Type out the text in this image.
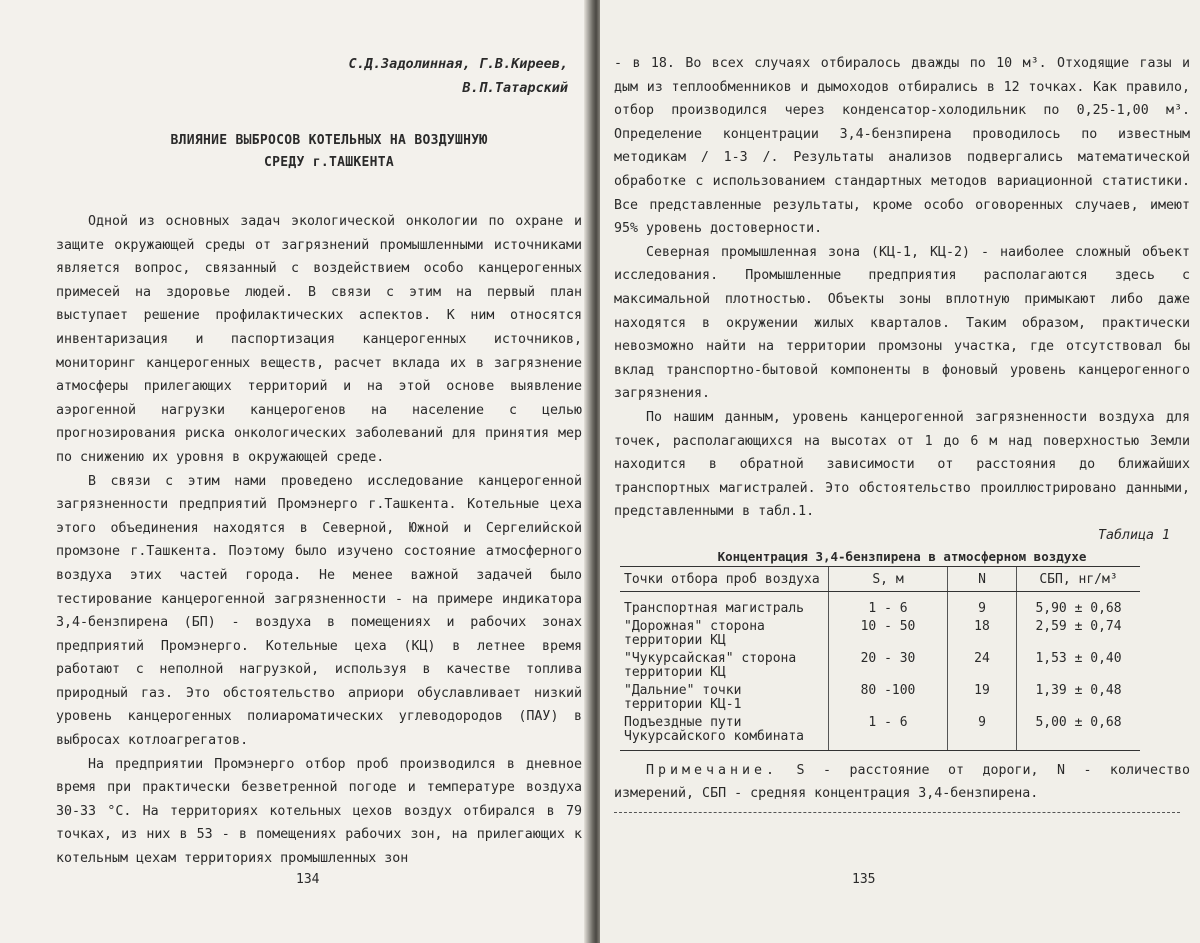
С.Д.Задолинная, Г.В.Киреев,
В.П.Татарский
ВЛИЯНИЕ ВЫБРОСОВ КОТЕЛЬНЫХ НА ВОЗДУШНУЮ
СРЕДУ г.ТАШКЕНТА

Одной из основных задач экологической онкологии по охране и защите окружающей среды от загрязнений промышленными источниками является вопрос, связанный с воздействием особо канцерогенных примесей на здоровье людей. В связи с этим на первый план выступает решение профилактических аспектов. К ним относятся инвентаризация и паспортизация канцерогенных источников, мониторинг канцерогенных веществ, расчет вклада их в загрязнение атмосферы прилегающих территорий и на этой основе выявление аэрогенной нагрузки канцерогенов на население с целью прогнозирования риска онкологических заболеваний для принятия мер по снижению их уровня в окружающей среде.

В связи с этим нами проведено исследование канцерогенной загрязненности предприятий Промэнерго г.Ташкента. Котельные цеха этого объединения находятся в Северной, Южной и Сергелийской промзоне г.Ташкента. Поэтому было изучено состояние атмосферного воздуха этих частей города. Не менее важной задачей было тестирование канцерогенной загрязненности - на примере индикатора 3,4-бензпирена (БП) - воздуха в помещениях и рабочих зонах предприятий Промэнерго. Котельные цеха (КЦ) в летнее время работают с неполной нагрузкой, используя в качестве топлива природный газ. Это обстоятельство априори обуславливает низкий уровень канцерогенных полиароматических углеводородов (ПАУ) в выбросах котлоагрегатов.

На предприятии Промэнерго отбор проб производился в дневное время при практически безветренной погоде и температуре воздуха 30-33 °С. На территориях котельных цехов воздух отбирался в 79 точках, из них в 53 - в помещениях рабочих зон, на прилегающих к котельным цехам территориях промышленных зон

134

- в 18. Во всех случаях отбиралось дважды по 10 м³. Отходящие газы и дым из теплообменников и дымоходов отбирались в 12 точках. Как правило, отбор производился через конденсатор-холодильник по 0,25-1,00 м³. Определение концентрации 3,4-бензпирена проводилось по известным методикам / 1-3 /. Результаты анализов подвергались математической обработке с использованием стандартных методов вариационной статистики. Все представленные результаты, кроме особо оговоренных случаев, имеют 95% уровень достоверности.

Северная промышленная зона (КЦ-1, КЦ-2) - наиболее сложный объект исследования. Промышленные предприятия располагаются здесь с максимальной плотностью. Объекты зоны вплотную примыкают либо даже находятся в окружении жилых кварталов. Таким образом, практически невозможно найти на территории промзоны участка, где отсутствовал бы вклад транспортно-бытовой компоненты в фоновый уровень канцерогенного загрязнения.

По нашим данным, уровень канцерогенной загрязненности воздуха для точек, располагающихся на высотах от 1 до 6 м над поверхностью Земли находится в обратной зависимости от расстояния до ближайших транспортных магистралей. Это обстоятельство проиллюстрировано данными, представленными в табл.1.

Таблица 1
Концентрация 3,4-бензпирена в атмосферном воздухе
Точки отбора проб воздуха	S, м	N	СБП, нг/м³
Транспортная магистраль	1 - 6	9	5,90 ± 0,68
"Дорожная" сторона территории КЦ	10 - 50	18	2,59 ± 0,74
"Чукурсайская" сторона территории КЦ	20 - 30	24	1,53 ± 0,40
"Дальние" точки территории КЦ-1	80 -100	19	1,39 ± 0,48
Подъездные пути Чукурсайского комбината	1 - 6	9	5,00 ± 0,68
Примечание. S - расстояние от дороги, N - количество измерений, СБП - средняя концентрация 3,4-бензпирена.
135
